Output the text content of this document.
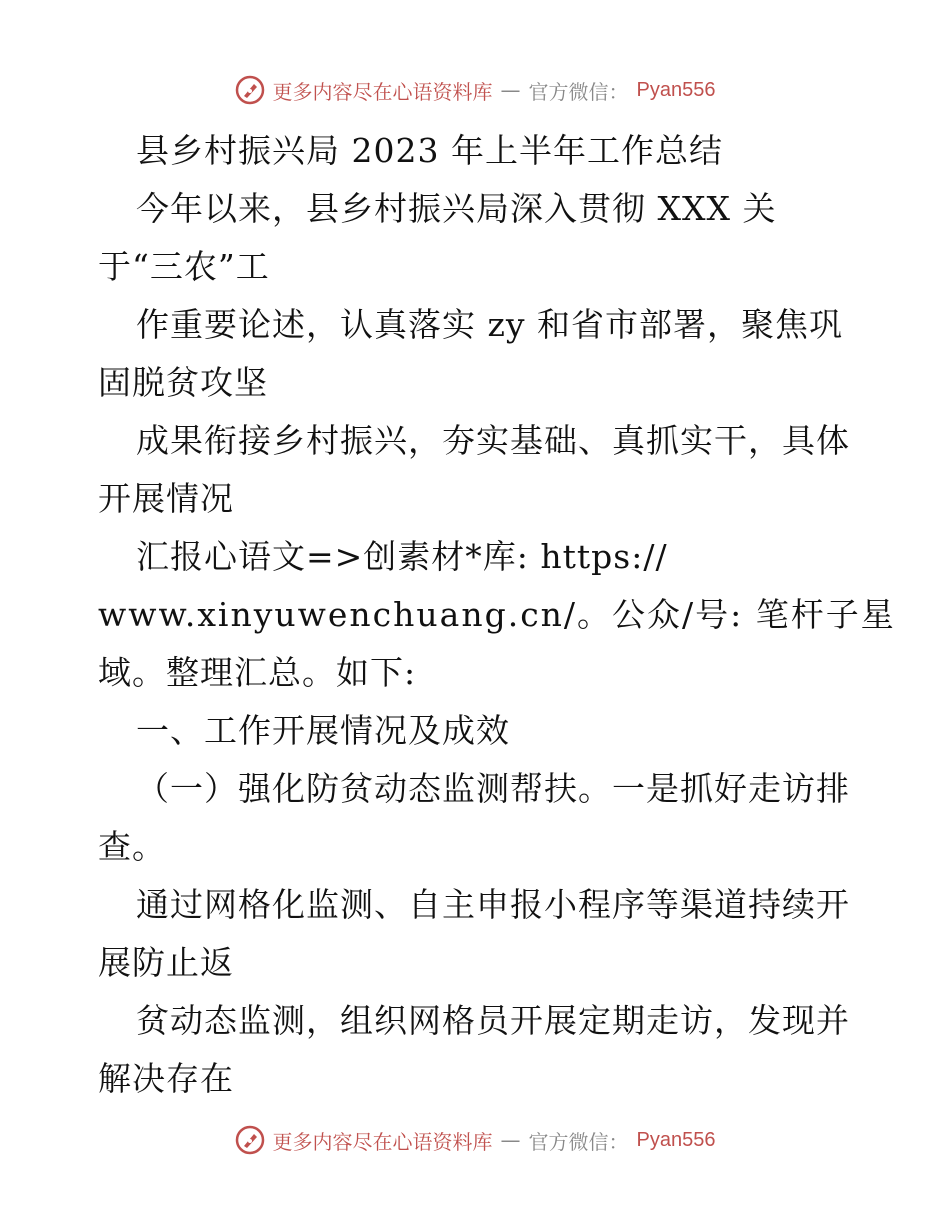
更多内容尽在心语资料库 — 官方微信： Pyan556
县乡村振兴局 2023 年上半年工作总结
今年以来，县乡村振兴局深入贯彻 XXX 关
于“三农”工
作重要论述，认真落实 zy 和省市部署，聚焦巩
固脱贫攻坚
成果衔接乡村振兴，夯实基础、真抓实干，具体
开展情况
汇报心语文=>创素材*库: https://
www.xinyuwenchuang.cn/。公众/号: 笔杆子星
域。整理汇总。如下:
一、工作开展情况及成效
（一）强化防贫动态监测帮扶。一是抓好走访排
查。
通过网格化监测、自主申报小程序等渠道持续开
展防止返
贫动态监测，组织网格员开展定期走访，发现并
解决存在
更多内容尽在心语资料库 — 官方微信： Pyan556
